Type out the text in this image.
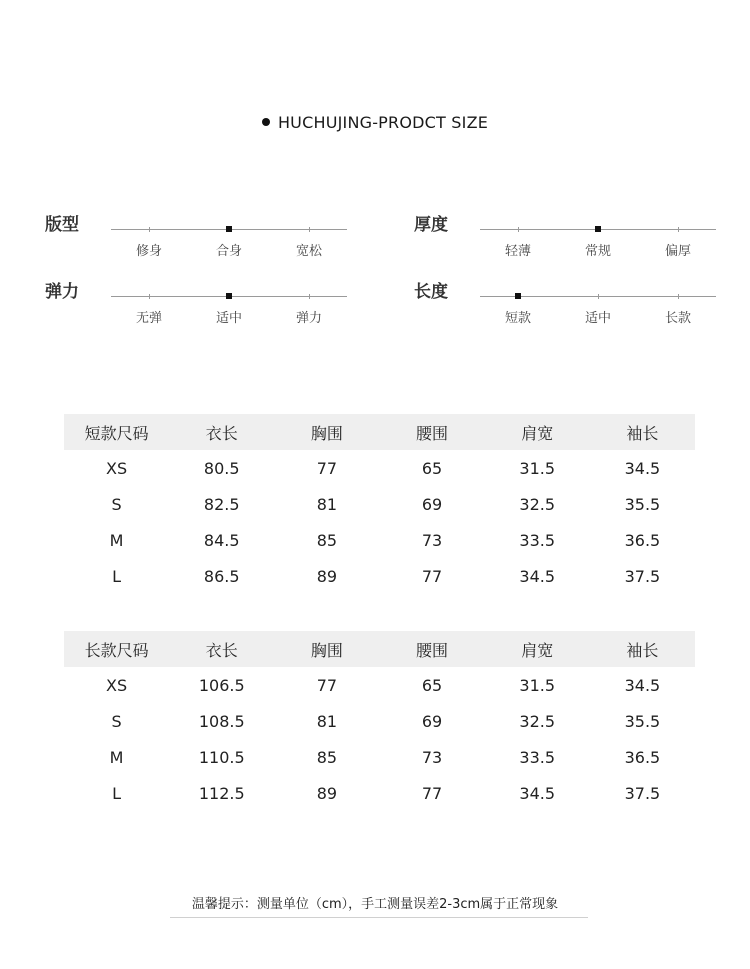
HUCHUJING-PRODCT SIZE
版型
修身	合身	宽松
厚度
轻薄	常规	偏厚
弹力
无弹	适中	弹力
长度
短款	适中	长款
短款尺码	衣长	胸围	腰围	肩宽	袖长
XS	80.5	77	65	31.5	34.5
S	82.5	81	69	32.5	35.5
M	84.5	85	73	33.5	36.5
L	86.5	89	77	34.5	37.5
长款尺码	衣长	胸围	腰围	肩宽	袖长
XS	106.5	77	65	31.5	34.5
S	108.5	81	69	32.5	35.5
M	110.5	85	73	33.5	36.5
L	112.5	89	77	34.5	37.5
温馨提示：测量单位（cm），手工测量误差2-3cm属于正常现象
